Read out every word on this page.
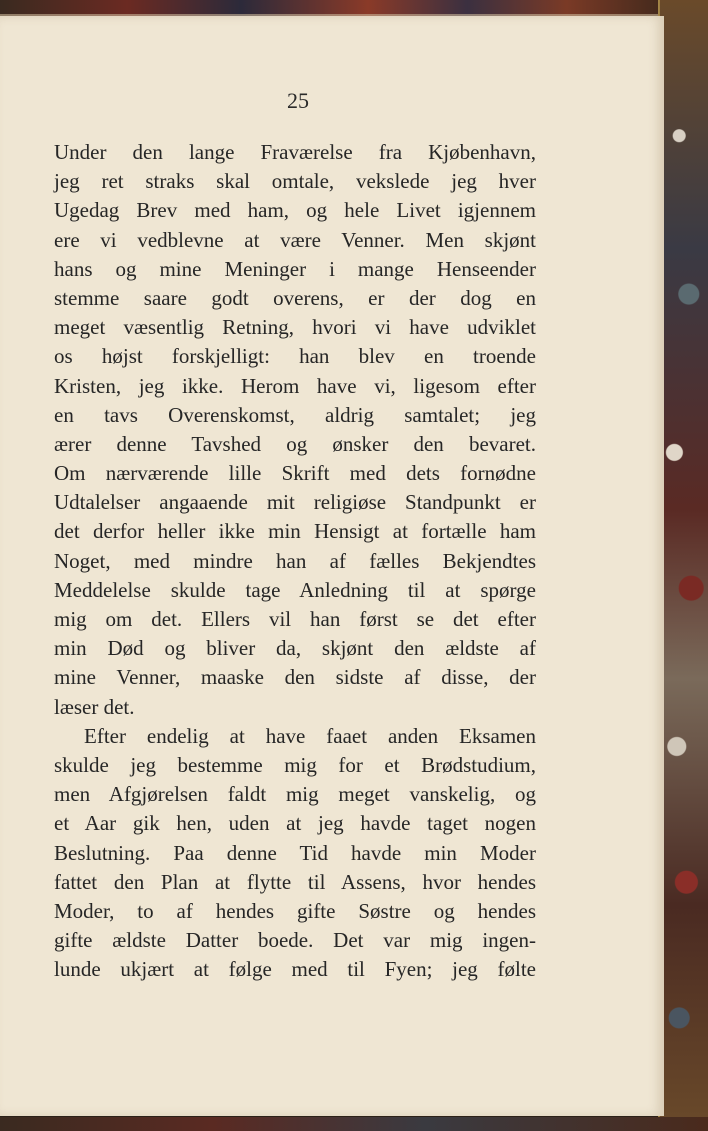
25
Under den lange Fraværelse fra Kjøbenhavn,
jeg ret straks skal omtale, vekslede jeg hver
Ugedag Brev med ham, og hele Livet igjennem
ere vi vedblevne at være Venner. Men skjønt
hans og mine Meninger i mange Henseender
stemme saare godt overens, er der dog en
meget væsentlig Retning, hvori vi have udviklet
os højst forskjelligt: han blev en troende
Kristen, jeg ikke. Herom have vi, ligesom efter
en tavs Overenskomst, aldrig samtalet; jeg
ærer denne Tavshed og ønsker den bevaret.
Om nærværende lille Skrift med dets fornødne
Udtalelser angaaende mit religiøse Standpunkt er
det derfor heller ikke min Hensigt at fortælle ham
Noget, med mindre han af fælles Bekjendtes
Meddelelse skulde tage Anledning til at spørge
mig om det. Ellers vil han først se det efter
min Død og bliver da, skjønt den ældste af
mine Venner, maaske den sidste af disse, der
læser det.
Efter endelig at have faaet anden Eksamen
skulde jeg bestemme mig for et Brødstudium,
men Afgjørelsen faldt mig meget vanskelig, og
et Aar gik hen, uden at jeg havde taget nogen
Beslutning. Paa denne Tid havde min Moder
fattet den Plan at flytte til Assens, hvor hendes
Moder, to af hendes gifte Søstre og hendes
gifte ældste Datter boede. Det var mig ingen-
lunde ukjært at følge med til Fyen; jeg følte
